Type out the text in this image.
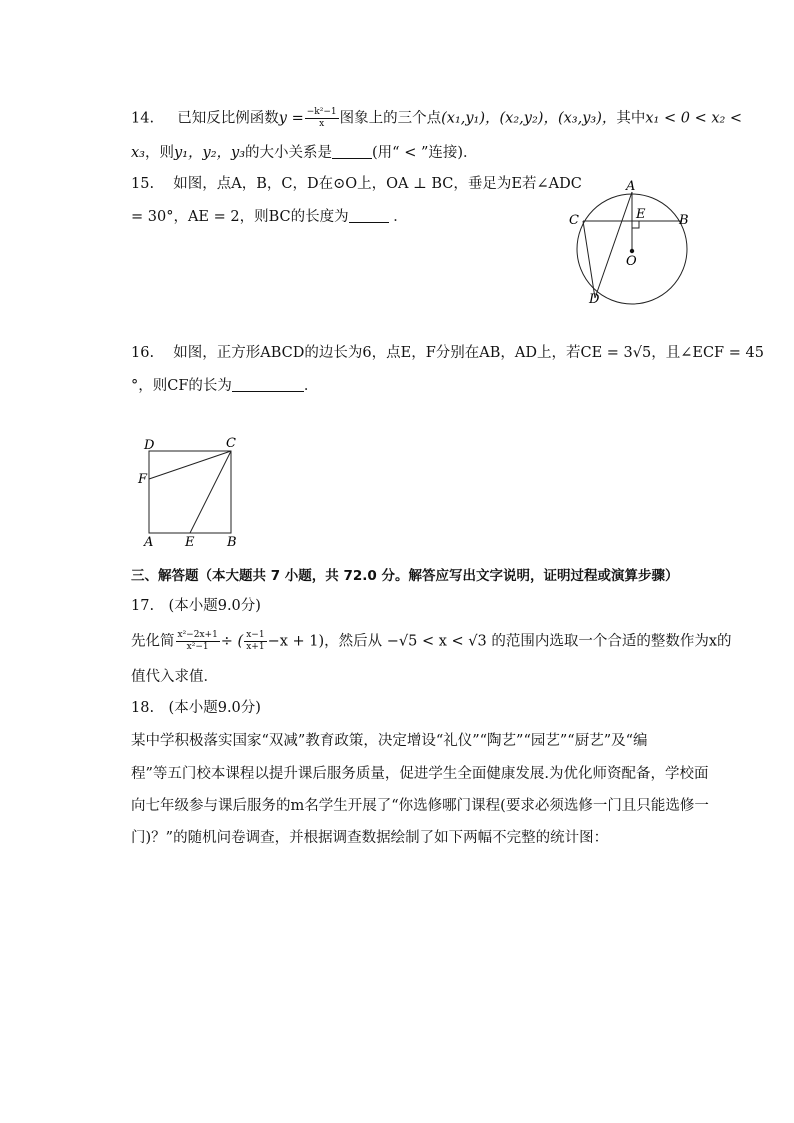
14. 已知反比例函数$y = \frac{\text{−k²−1}}{x}$ 图象上的三个点(x₁,y₁)，(x₂,y₂)，(x₃,y₃)，其中x₁ < 0 < x₂ <
x₃，则y₁，y₂，y₃的大小关系是	(用“ < ”连接)．
15. 如图，点A，B，C，D在⊙O上，OA ⊥ BC，垂足为E若∠ADC
= 30°，AE = 2，则BC的长度为	．
A
B
C
D
E
O
16. 如图，正方形ABCD的边长为6，点E，F分别在AB，AD上，若CE = 3√5，且∠ECF = 45
°，则CF的长为	．
D	C
F
A E	B
三、解答题（本大题共 7 小题，共 72.0 分。解答应写出文字说明，证明过程或演算步骤）
17.　(本小题9.0分)
先化简 $\frac{\text{x²−2x+1}}{\text{x²−1}}$ ÷ ( $\frac{x-1}{x+1} -x + 1$)，然后从 −√5 < x < √3 的范围内选取一个合适的整数作为x的
值代入求值．
18.　(本小题9.0分)
某中学积极落实国家“双减”教育政策，决定增设“礼仪”“陶艺”“园艺”“厨艺”及“编
程”等五门校本课程以提升课后服务质量，促进学生全面健康发展.为优化师资配备，学校面
向七年级参与课后服务的m名学生开展了“你选修哪门课程(要求必须选修一门且只能选修一
门)？”的随机问卷调查，并根据调查数据绘制了如下两幅不完整的统计图：
